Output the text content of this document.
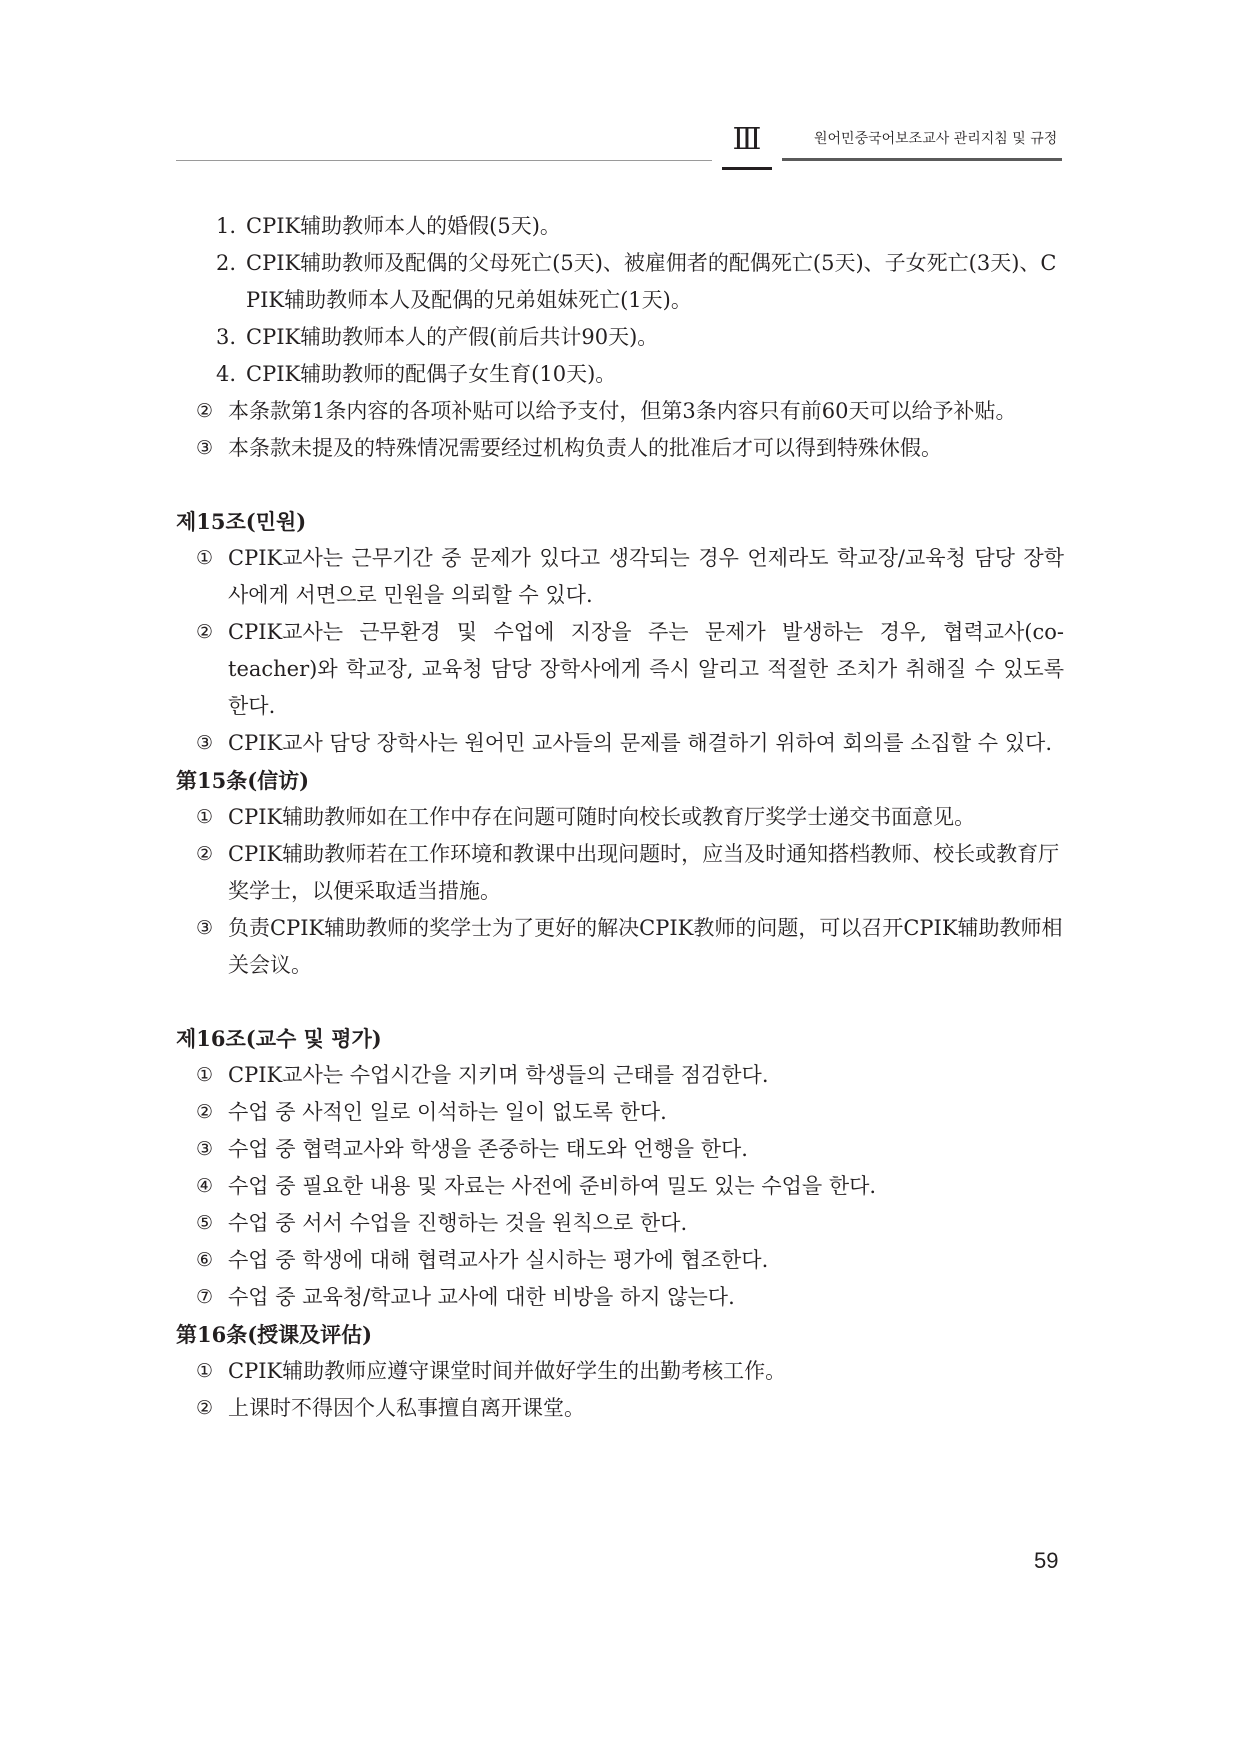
Ⅲ	원어민중국어보조교사 관리지침 및 규정
1. CPIK辅助教师本人的婚假(5天)。
2. CPIK辅助教师及配偶的父母死亡(5天)、被雇佣者的配偶死亡(5天)、子女死亡(3天)、CPIK辅助教师本人及配偶的兄弟姐妹死亡(1天)。
3. CPIK辅助教师本人的产假(前后共计90天)。
4. CPIK辅助教师的配偶子女生育(10天)。
② 本条款第1条内容的各项补贴可以给予支付，但第3条内容只有前60天可以给予补贴。
③ 本条款未提及的特殊情况需要经过机构负责人的批准后才可以得到特殊休假。
제15조(민원)
① CPIK교사는 근무기간 중 문제가 있다고 생각되는 경우 언제라도 학교장/교육청 담당 장학사에게 서면으로 민원을 의뢰할 수 있다.
② CPIK교사는 근무환경 및 수업에 지장을 주는 문제가 발생하는 경우, 협력교사(co-teacher)와 학교장, 교육청 담당 장학사에게 즉시 알리고 적절한 조치가 취해질 수 있도록 한다.
③ CPIK교사 담당 장학사는 원어민 교사들의 문제를 해결하기 위하여 회의를 소집할 수 있다.
第15条(信访)
① CPIK辅助教师如在工作中存在问题可随时向校长或教育厅奖学士递交书面意见。
② CPIK辅助教师若在工作环境和教课中出现问题时，应当及时通知搭档教师、校长或教育厅奖学士，以便采取适当措施。
③ 负责CPIK辅助教师的奖学士为了更好的解决CPIK教师的问题，可以召开CPIK辅助教师相关会议。
제16조(교수 및 평가)
① CPIK교사는 수업시간을 지키며 학생들의 근태를 점검한다.
② 수업 중 사적인 일로 이석하는 일이 없도록 한다.
③ 수업 중 협력교사와 학생을 존중하는 태도와 언행을 한다.
④ 수업 중 필요한 내용 및 자료는 사전에 준비하여 밀도 있는 수업을 한다.
⑤ 수업 중 서서 수업을 진행하는 것을 원칙으로 한다.
⑥ 수업 중 학생에 대해 협력교사가 실시하는 평가에 협조한다.
⑦ 수업 중 교육청/학교나 교사에 대한 비방을 하지 않는다.
第16条(授课及评估)
① CPIK辅助教师应遵守课堂时间并做好学生的出勤考核工作。
② 上课时不得因个人私事擅自离开课堂。
59
